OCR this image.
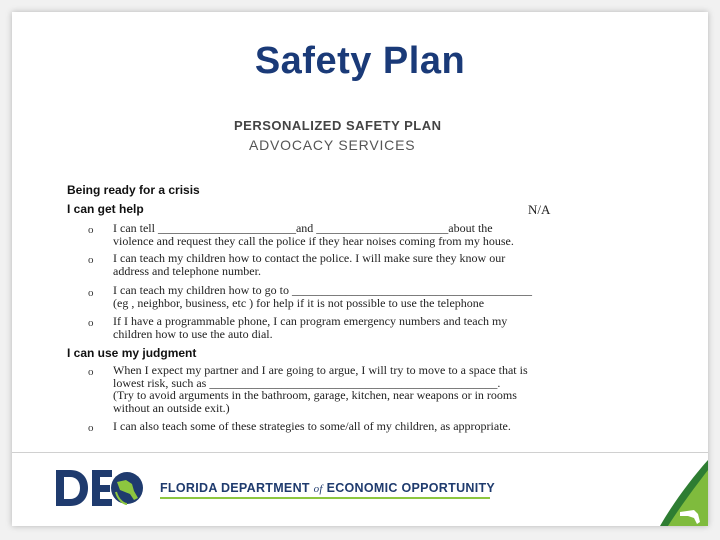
Safety Plan
PERSONALIZED SAFETY PLAN
ADVOCACY SERVICES
Being ready for a crisis
I can get help	N/A
o I can tell _______________________and ______________________about the
violence and request they call the police if they hear noises coming from my house.
o I can teach my children how to contact the police. I will make sure they know our
address and telephone number.
o I can teach my children how to go to ________________________________________
(eg , neighbor, business, etc ) for help if it is not possible to use the telephone
o If I have a programmable phone, I can program emergency numbers and teach my
children how to use the auto dial.
I can use my judgment
o When I expect my partner and I are going to argue, I will try to move to a space that is
lowest risk, such as ________________________________________________.
(Try to avoid arguments in the bathroom, garage, kitchen, near weapons or in rooms
without an outside exit.)
o I can also teach some of these strategies to some/all of my children, as appropriate.
FLORIDA DEPARTMENT of ECONOMIC OPPORTUNITY
